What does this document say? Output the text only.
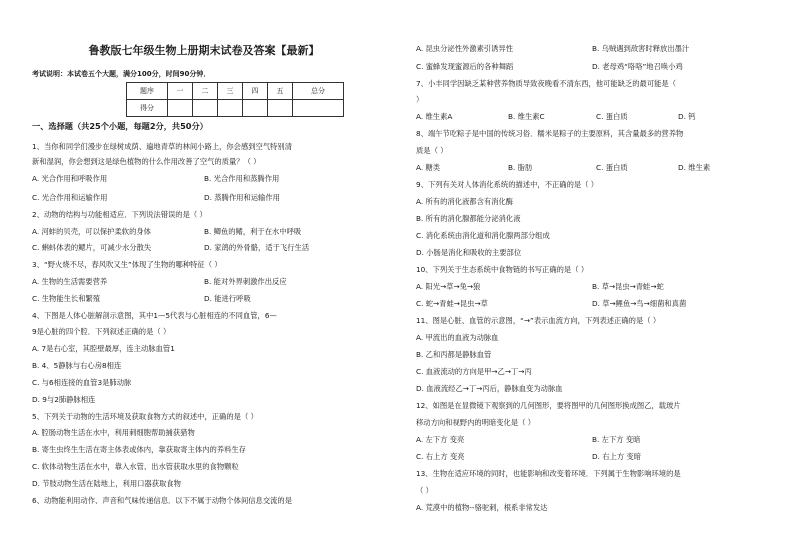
鲁教版七年级生物上册期末试卷及答案【最新】
考试说明：本试卷五个大题，满分100分，时间90分钟．
题序	一	二	三	四	五	总分
得分						
一、选择题（共25个小题，每题2分，共50分）
1、当你和同学们漫步在绿树成荫、遍地青草的林间小路上，你会感到空气特别清
新和湿润，你会想到这是绿色植物的什么作用改善了空气的质量？（ ）
A. 光合作用和呼吸作用	B. 光合作用和蒸腾作用
C. 光合作用和运输作用	D. 蒸腾作用和运输作用
2、动物的结构与功能相适应．下列说法错误的是（ ）
A. 河蚌的贝壳，可以保护柔软的身体	B. 鲫鱼的鳍，利于在水中呼吸
C. 蝌蚪体表的鳃片，可减少水分散失	D. 家鸽的外骨骼，适于飞行生活
3、“野火烧不尽，春风吹又生”体现了生物的哪种特征（ ）
A. 生物的生活需要营养	B. 能对外界刺激作出反应
C. 生物能生长和繁殖	D. 能进行呼吸
4、下图是人体心脏解剖示意图，其中1—5代表与心脏相连的不同血管，6—
9是心脏的四个腔．下列叙述正确的是（ ）
A. 7是右心室，其腔壁最厚，连主动脉血管1
B. 4、5静脉与右心房8相连
C. 与6相连接的血管3是肺动脉
D. 9与2肺静脉相连
5、下列关于动物的生活环境及获取食物方式的叙述中，正确的是（ ）
A. 腔肠动物生活在水中，利用刺细胞帮助捕获猎物
B. 寄生虫终生生活在寄主体表或体内，靠获取寄主体内的养料生存
C. 软体动物生活在水中，靠入水管、出水管获取水里的食物颗粒
D. 节肢动物生活在陆地上，利用口器获取食物
6、动物能利用动作、声音和气味传递信息．以下不属于动物个体间信息交流的是
A. 昆虫分泌性外激素引诱异性	B. 乌贼遇到敌害时释放出墨汁
C. 蜜蜂发现蜜源后的各种舞蹈	D. 老母鸡“咯咯”地召唤小鸡
7、小丰同学因缺乏某种营养物质导致夜晚看不清东西，他可能缺乏的最可能是（
）
A. 维生素A	B. 维生素C	C. 蛋白质	D. 钙
8、端午节吃粽子是中国的传统习俗．糯米是粽子的主要原料，其含量最多的营养物
质是（ ）
A. 糖类	B. 脂肪	C. 蛋白质	D. 维生素
9、下列有关对人体消化系统的描述中，不正确的是（ ）
A. 所有的消化液都含有消化酶
B. 所有的消化腺都能分泌消化液
C. 消化系统由消化道和消化腺两部分组成
D. 小肠是消化和吸收的主要部位
10、下列关于生态系统中食物链的书写正确的是（ ）
A. 阳光→草→兔→狼	B. 草→昆虫→青蛙→蛇
C. 蛇→青蛙→昆虫→草	D. 草→鲤鱼→鸟→细菌和真菌
11、图是心脏、血管的示意图，“→”表示血流方向，下列表述正确的是（ ）
A. 甲流出的血液为动脉血
B. 乙和丙都是静脉血管
C. 血液流动的方向是甲→乙→丁→丙
D. 血液流经乙→丁→丙后，静脉血变为动脉血
12、如图是在显微镜下观察到的几何图形，要将图甲的几何图形换成图乙，载玻片
移动方向和视野内的明暗变化是（ ）
A. 左下方 变亮	B. 左下方 变暗
C. 右上方 变亮	D. 右上方 变暗
13、生物在适应环境的同时，也能影响和改变着环境．下列属于生物影响环境的是
（ ）
A. 荒漠中的植物--骆驼刺，根系非常发达
